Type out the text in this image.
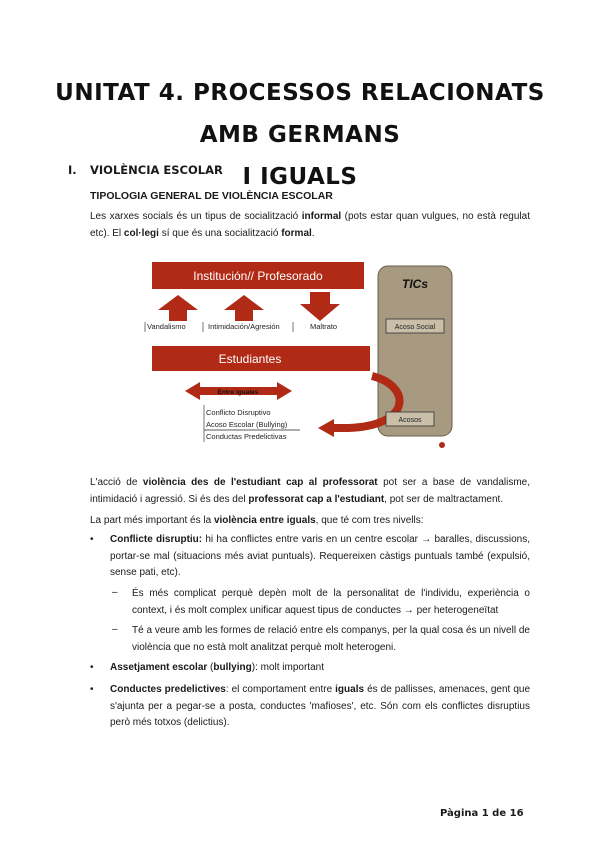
UNITAT 4. PROCESSOS RELACIONATS AMB GERMANS
I IGUALS
I. VIOLÈNCIA ESCOLAR
TIPOLOGIA GENERAL DE VIOLÈNCIA ESCOLAR

Les xarxes socials és un tipus de socialització informal (pots estar quan vulgues, no està regulat etc). El col·legi sí que és una socialització formal.

TICs
Institución// Profesorado
Vandalismo	Intimidación/Agresión	Maltrato	Acoso Social
Estudiantes
Entre iguales
Conflicto Disruptivo
Acoso Escolar (Bullying)
Conductas Predelictivas
Acosos

L'acció de violència des de l'estudiant cap al professorat pot ser a base de vandalisme, intimidació i agressió. Si és des del professorat cap a l'estudiant, pot ser de maltractament.

La part més important és la violència entre iguals, que té com tres nivells:

• Conflicte disruptiu: hi ha conflictes entre varis en un centre escolar → baralles, discussions, portar-se mal (situacions més aviat puntuals). Requereixen càstigs puntuals també (expulsió, sense pati, etc).

– És més complicat perquè depèn molt de la personalitat de l'individu, experiència o context, i és molt complex unificar aquest tipus de conductes → per heterogeneïtat

– Té a veure amb les formes de relació entre els companys, per la qual cosa és un nivell de violència que no està molt analitzat perquè molt heterogeni.

• Assetjament escolar (bullying): molt important

• Conductes predelictives: el comportament entre iguals és de pallisses, amenaces, gent que s'ajunta per a pegar-se a posta, conductes 'mafioses', etc. Són com els conflictes disruptius però més totxos (delictius).

Pàgina 1 de 16
